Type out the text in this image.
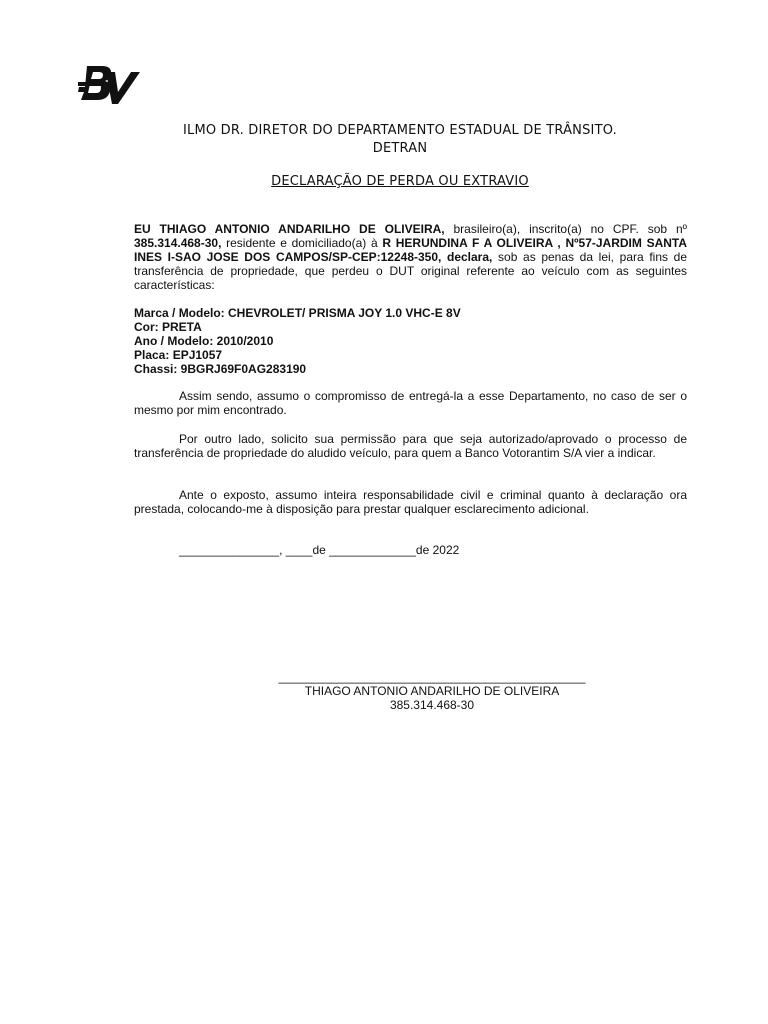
ILMO DR. DIRETOR DO DEPARTAMENTO ESTADUAL DE TRÂNSITO.
DETRAN
DECLARAÇÃO DE PERDA OU EXTRAVIO
EU THIAGO ANTONIO ANDARILHO DE OLIVEIRA, brasileiro(a), inscrito(a) no CPF. sob nº 385.314.468-30, residente e domiciliado(a) à R HERUNDINA F A OLIVEIRA , Nº57-JARDIM SANTA INES I-SAO JOSE DOS CAMPOS/SP-CEP:12248-350, declara, sob as penas da lei, para fins de transferência de propriedade, que perdeu o DUT original referente ao veículo com as seguintes características:
Marca / Modelo: CHEVROLET/ PRISMA JOY 1.0 VHC-E 8V
Cor: PRETA
Ano / Modelo: 2010/2010
Placa: EPJ1057
Chassi: 9BGRJ69F0AG283190
Assim sendo, assumo o compromisso de entregá-la a esse Departamento, no caso de ser o mesmo por mim encontrado.
Por outro lado, solicito sua permissão para que seja autorizado/aprovado o processo de transferência de propriedade do aludido veículo, para quem a Banco Votorantim S/A vier a indicar.
Ante o exposto, assumo inteira responsabilidade civil e criminal quanto à declaração ora prestada, colocando-me à disposição para prestar qualquer esclarecimento adicional.
_______________, ____de _____________de 2022
______________________________________________
THIAGO ANTONIO ANDARILHO DE OLIVEIRA
385.314.468-30
